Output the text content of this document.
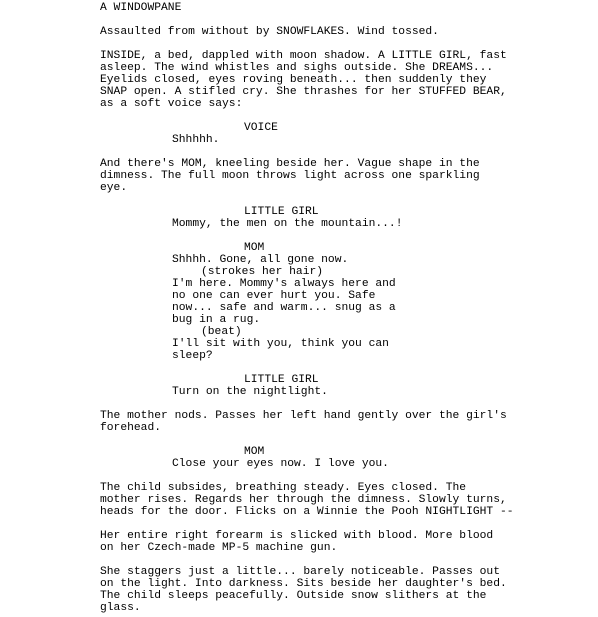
A WINDOWPANE
Assaulted from without by SNOWFLAKES. Wind tossed.
INSIDE, a bed, dappled with moon shadow. A LITTLE GIRL, fast
asleep. The wind whistles and sighs outside. She DREAMS...
Eyelids closed, eyes roving beneath... then suddenly they
SNAP open. A stifled cry. She thrashes for her STUFFED BEAR,
as a soft voice says:
VOICE
Shhhhh.
And there's MOM, kneeling beside her. Vague shape in the
dimness. The full moon throws light across one sparkling
eye.
LITTLE GIRL
Mommy, the men on the mountain...!
MOM
Shhhh. Gone, all gone now.
(strokes her hair)
I'm here. Mommy's always here and
no one can ever hurt you. Safe
now... safe and warm... snug as a
bug in a rug.
(beat)
I'll sit with you, think you can
sleep?
LITTLE GIRL
Turn on the nightlight.
The mother nods. Passes her left hand gently over the girl's
forehead.
MOM
Close your eyes now. I love you.
The child subsides, breathing steady. Eyes closed. The
mother rises. Regards her through the dimness. Slowly turns,
heads for the door. Flicks on a Winnie the Pooh NIGHTLIGHT --
Her entire right forearm is slicked with blood. More blood
on her Czech-made MP-5 machine gun.
She staggers just a little... barely noticeable. Passes out
on the light. Into darkness. Sits beside her daughter's bed.
The child sleeps peacefully. Outside snow slithers at the
glass.
